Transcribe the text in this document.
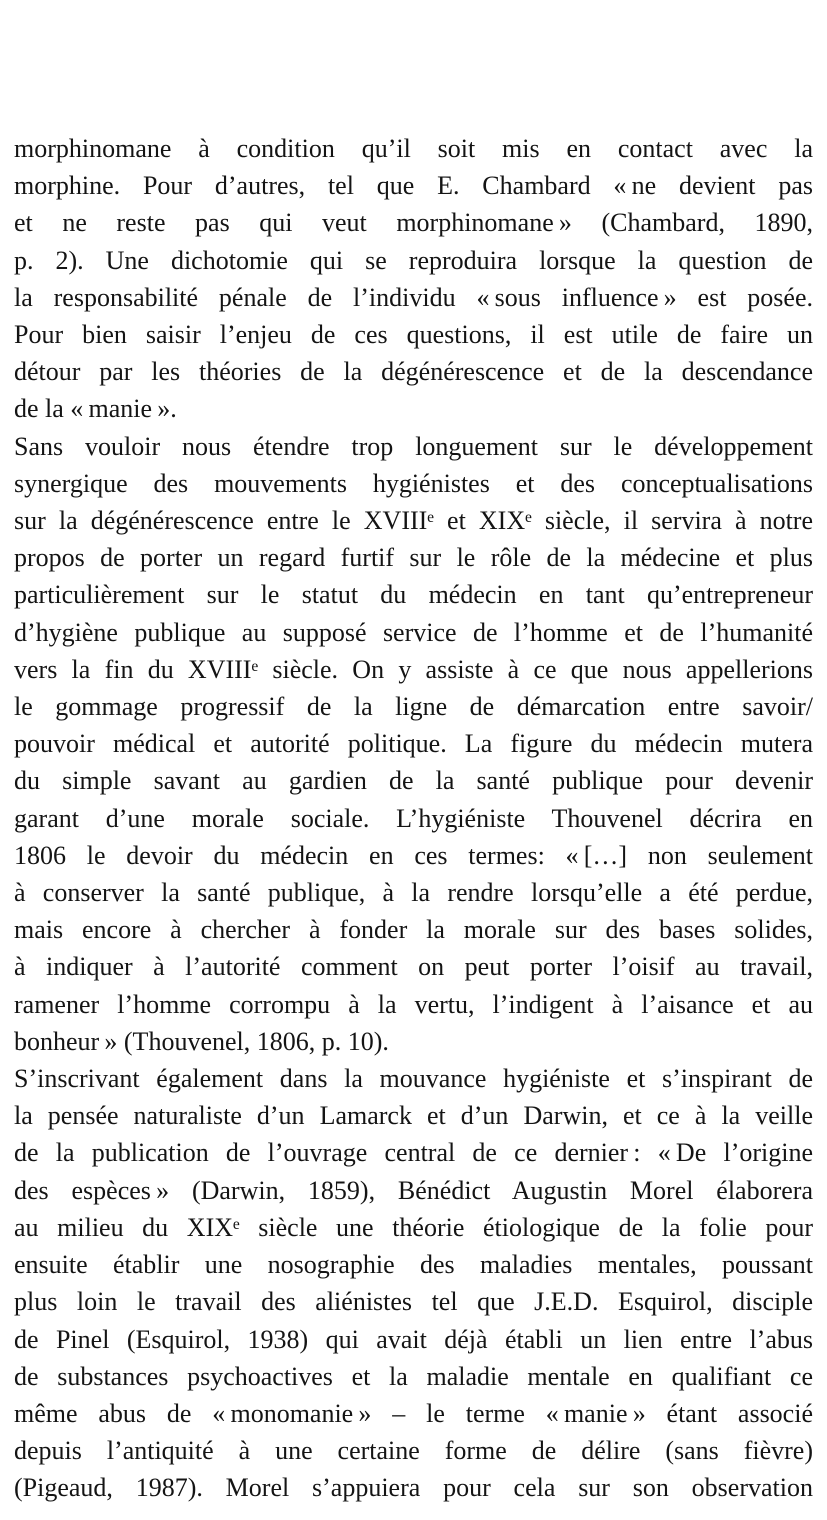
morphinomane à condition qu’il soit mis en contact avec la
morphine. Pour d’autres, tel que E. Chambard « ne devient pas
et ne reste pas qui veut morphinomane » (Chambard, 1890,
p. 2). Une dichotomie qui se reproduira lorsque la question de
la responsabilité pénale de l’individu « sous influence » est posée.
Pour bien saisir l’enjeu de ces questions, il est utile de faire un
détour par les théories de la dégénérescence et de la descendance
de la « manie ».
Sans vouloir nous étendre trop longuement sur le développement
synergique des mouvements hygiénistes et des conceptualisations
sur la dégénérescence entre le XVIIIᵉ et XIXᵉ siècle, il servira à notre
propos de porter un regard furtif sur le rôle de la médecine et plus
particulièrement sur le statut du médecin en tant qu’entrepreneur
d’hygiène publique au supposé service de l’homme et de l’humanité
vers la fin du XVIIIᵉ siècle. On y assiste à ce que nous appellerions
le gommage progressif de la ligne de démarcation entre savoir/
pouvoir médical et autorité politique. La figure du médecin mutera
du simple savant au gardien de la santé publique pour devenir
garant d’une morale sociale. L’hygiéniste Thouvenel décrira en
1806 le devoir du médecin en ces termes: « […] non seulement
à conserver la santé publique, à la rendre lorsqu’elle a été perdue,
mais encore à chercher à fonder la morale sur des bases solides,
à indiquer à l’autorité comment on peut porter l’oisif au travail,
ramener l’homme corrompu à la vertu, l’indigent à l’aisance et au
bonheur » (Thouvenel, 1806, p. 10).
S’inscrivant également dans la mouvance hygiéniste et s’inspirant de
la pensée naturaliste d’un Lamarck et d’un Darwin, et ce à la veille
de la publication de l’ouvrage central de ce dernier : « De l’origine
des espèces » (Darwin, 1859), Bénédict Augustin Morel élaborera
au milieu du XIXᵉ siècle une théorie étiologique de la folie pour
ensuite établir une nosographie des maladies mentales, poussant
plus loin le travail des aliénistes tel que J.E.D. Esquirol, disciple
de Pinel (Esquirol, 1938) qui avait déjà établi un lien entre l’abus
de substances psychoactives et la maladie mentale en qualifiant ce
même abus de « monomanie » – le terme « manie » étant associé
depuis l’antiquité à une certaine forme de délire (sans fièvre)
(Pigeaud, 1987). Morel s’appuiera pour cela sur son observation
